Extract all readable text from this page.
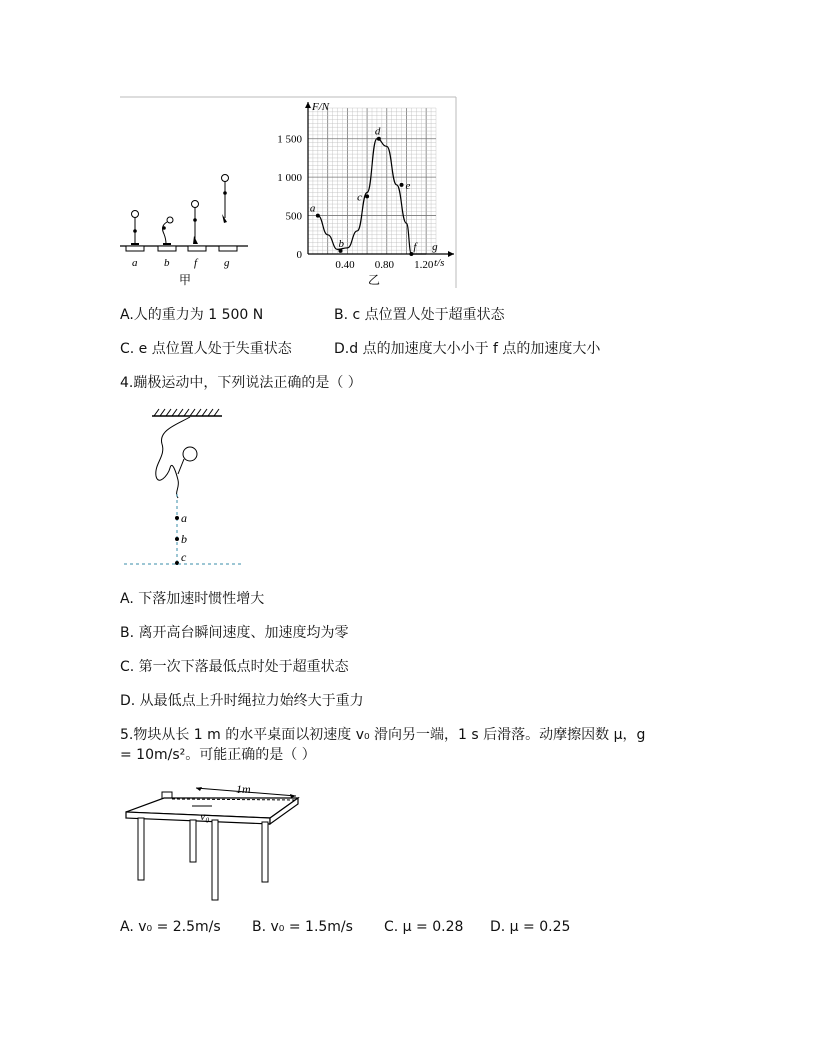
a b f g
甲
0.40 0.80 1.20
0
500
1 000
1 500
a
b
c
d
e
f g
F/N
t/s
乙
A.人的重力为 1 500 N	B. c 点位置人处于超重状态
C. e 点位置人处于失重状态	D.d 点的加速度大小小于 f 点的加速度大小
4.蹦极运动中，下列说法正确的是（ ）
a
b
c
A. 下落加速时惯性增大
B. 离开高台瞬间速度、加速度均为零
C. 第一次下落最低点时处于超重状态
D. 从最低点上升时绳拉力始终大于重力
5.物块从长 1 m 的水平桌面以初速度 v₀ 滑向另一端，1 s 后滑落。动摩擦因数 μ，g
= 10m/s²。可能正确的是（ ）
1m
v₀
A. v₀ = 2.5m/s B. v₀ = 1.5m/s C. μ = 0.28 D. μ = 0.25
